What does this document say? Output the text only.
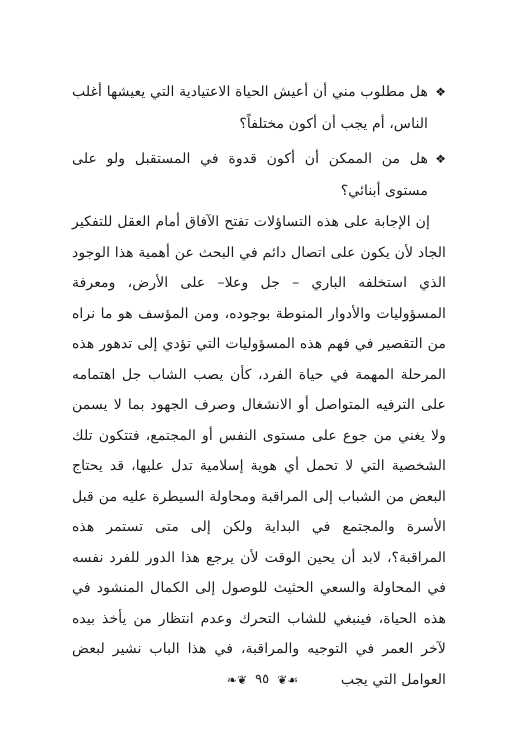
❖
هل مطلوب مني أن أعيش الحياة الاعتيادية التي يعيشها أغلب الناس، أم يجب أن أكون مختلفاً؟
❖
هل من الممكن أن أكون قدوة في المستقبل ولو على مستوى أبنائي؟
إن الإجابة على هذه التساؤلات تفتح الآفاق أمام العقل للتفكير الجاد لأن يكون على اتصال دائم في البحث عن أهمية هذا الوجود الذي استخلفه الباري – جل وعلا– على الأرض، ومعرفة المسؤوليات والأدوار المنوطة بوجوده، ومن المؤسف هو ما نراه من التقصير في فهم هذه المسؤوليات التي تؤدي إلى تدهور هذه المرحلة المهمة في حياة الفرد، كأن يصب الشاب جل اهتمامه على الترفيه المتواصل أو الانشغال وصرف الجهود بما لا يسمن ولا يغني من جوع على مستوى النفس أو المجتمع، فتتكون تلك الشخصية التي لا تحمل أي هوية إسلامية تدل عليها، قد يحتاج البعض من الشباب إلى المراقبة ومحاولة السيطرة عليه من قبل الأسرة والمجتمع في البداية ولكن إلى متى تستمر هذه المراقبة؟، لابد أن يحين الوقت لأن يرجع هذا الدور للفرد نفسه في المحاولة والسعي الحثيث للوصول إلى الكمال المنشود في هذه الحياة، فينبغي للشاب التحرك وعدم انتظار من يأخذ بيده لآخر العمر في التوجيه والمراقبة، في هذا الباب نشير لبعض العوامل التي يجب
☙❦ ٩٥ ❦❧
